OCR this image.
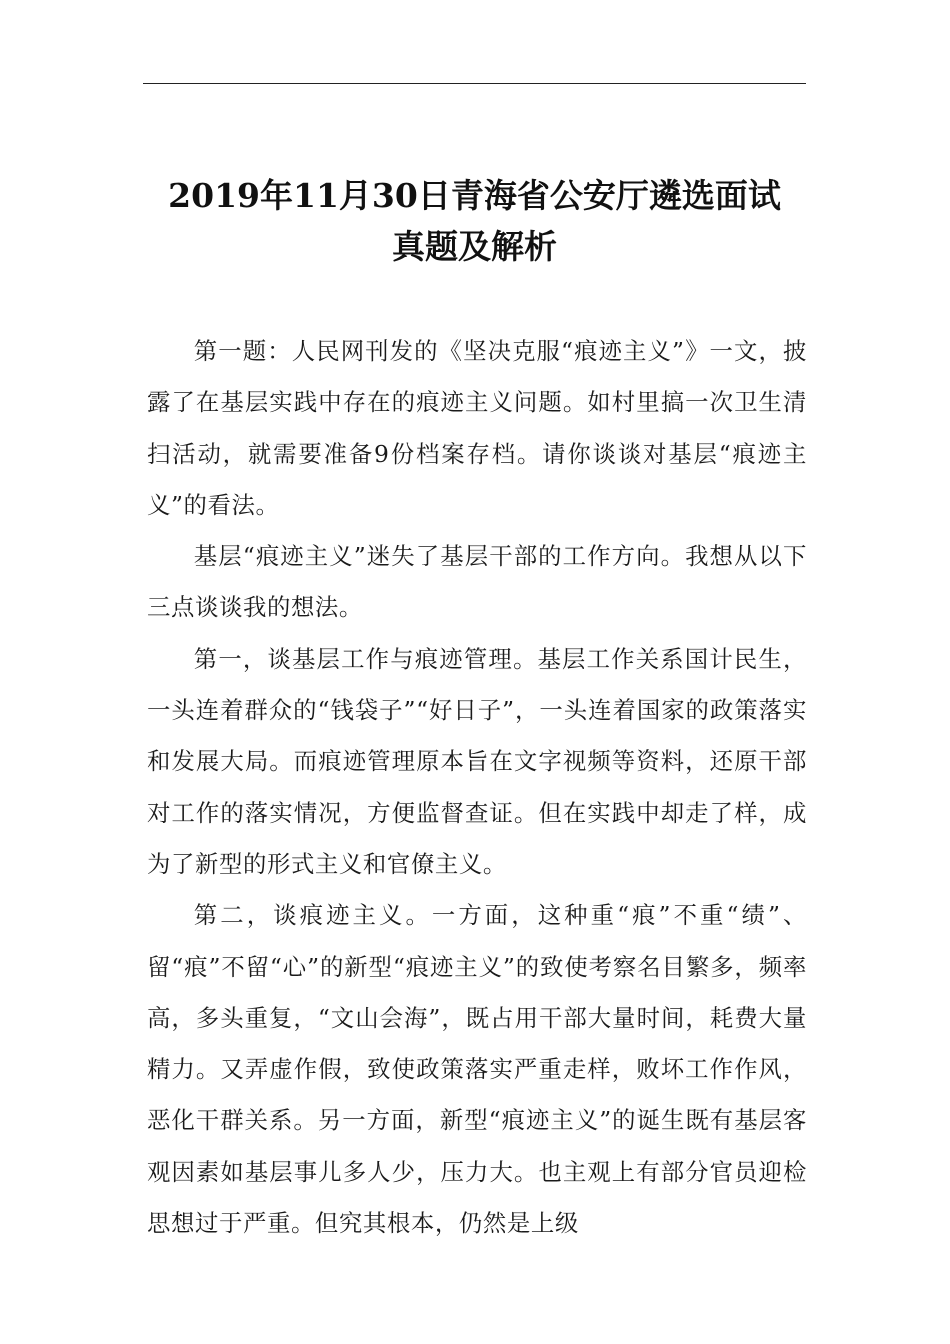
2019年11月30日青海省公安厅遴选面试
真题及解析

第一题：人民网刊发的《坚决克服“痕迹主义”》一文，披露了在基层实践中存在的痕迹主义问题。如村里搞一次卫生清扫活动，就需要准备9份档案存档。请你谈谈对基层“痕迹主义”的看法。

基层“痕迹主义”迷失了基层干部的工作方向。我想从以下三点谈谈我的想法。

第一，谈基层工作与痕迹管理。基层工作关系国计民生，一头连着群众的“钱袋子”“好日子”，一头连着国家的政策落实和发展大局。而痕迹管理原本旨在文字视频等资料，还原干部对工作的落实情况，方便监督查证。但在实践中却走了样，成为了新型的形式主义和官僚主义。

第二，谈痕迹主义。一方面，这种重“痕”不重“绩”、留“痕”不留“心”的新型“痕迹主义”的致使考察名目繁多，频率高，多头重复，“文山会海”，既占用干部大量时间，耗费大量精力。又弄虚作假，致使政策落实严重走样，败坏工作作风，恶化干群关系。另一方面，新型“痕迹主义”的诞生既有基层客观因素如基层事儿多人少，压力大。也主观上有部分官员迎检思想过于严重。但究其根本，仍然是上级
